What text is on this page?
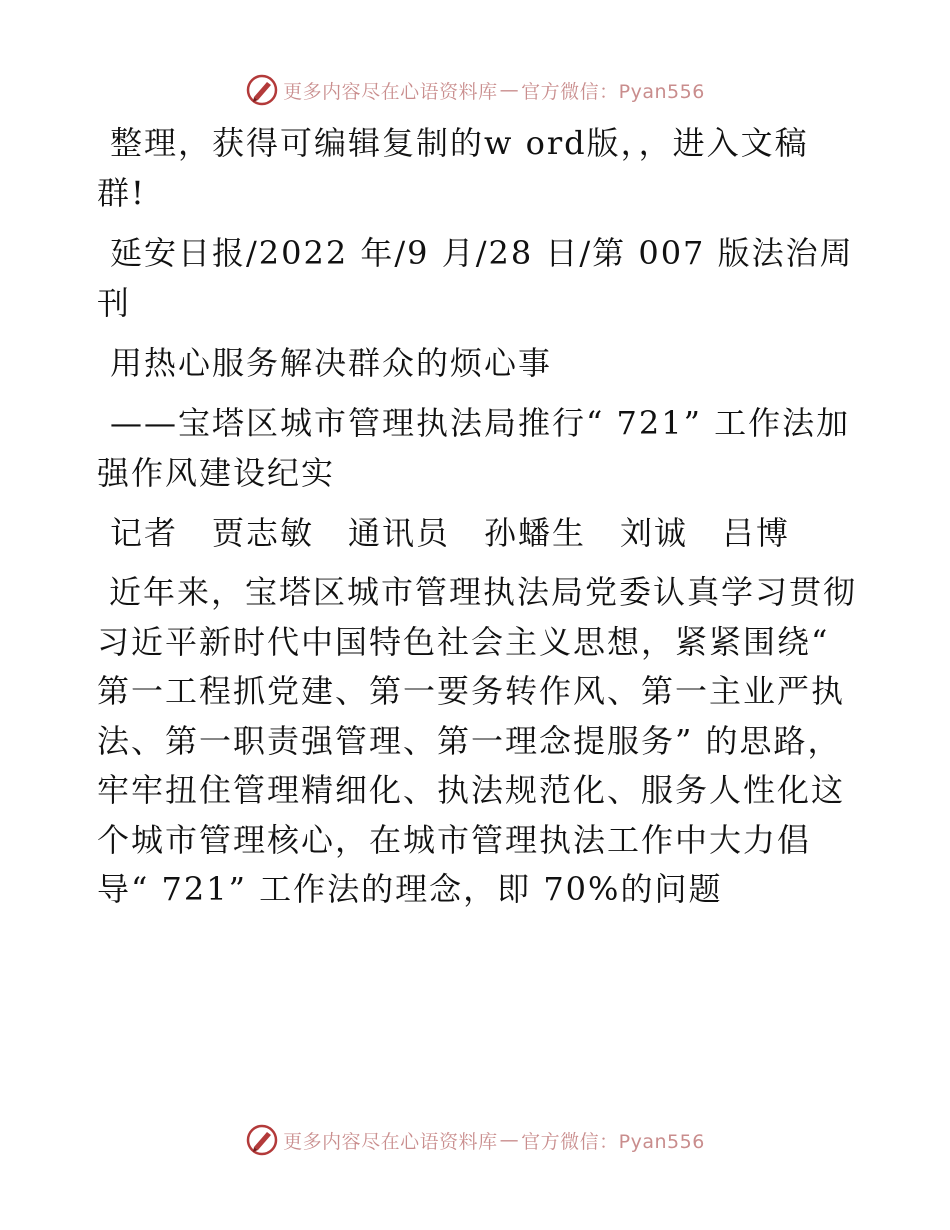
更多内容尽在心语资料库 — 官方微信：Pyan556

整理，获得可编辑复制的w ord版，，进入文稿群!

延安日报/2022 年/9 月/28 日/第 007 版法治周刊

用热心服务解决群众的烦心事

——宝塔区城市管理执法局推行“ 721” 工作法加强作风建设纪实

记者　贾志敏　通讯员　孙蟠生　刘诚　吕博

近年来，宝塔区城市管理执法局党委认真学习贯彻习近平新时代中国特色社会主义思想，紧紧围绕“ 第一工程抓党建、第一要务转作风、第一主业严执法、第一职责强管理、第一理念提服务” 的思路，牢牢扭住管理精细化、执法规范化、服务人性化这个城市管理核心，在城市管理执法工作中大力倡导“ 721” 工作法的理念，即 70%的问题

更多内容尽在心语资料库 — 官方微信：Pyan556
